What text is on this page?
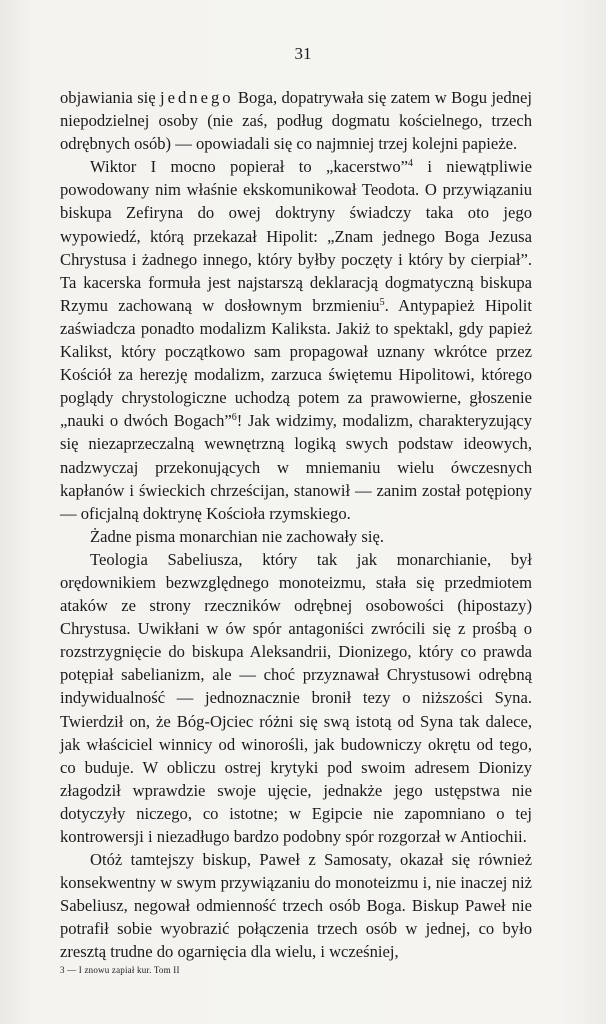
31

objawiania się jednego Boga, dopatrywała się zatem w Bogu jednej niepodzielnej osoby (nie zaś, podług dogmatu kościelnego, trzech odrębnych osób) — opowiadali się co najmniej trzej kolejni papieże.

Wiktor I mocno popierał to „kacerstwo”$^4$ i niewątpliwie powodowany nim właśnie ekskomunikował Teodota. O przywiązaniu biskupa Zefiryna do owej doktryny świadczy taka oto jego wypowiedź, którą przekazał Hipolit: „Znam jednego Boga Jezusa Chrystusa i żadnego innego, który byłby poczęty i który by cierpiał”. Ta kacerska formuła jest najstarszą deklaracją dogmatyczną biskupa Rzymu zachowaną w dosłownym brzmieniu$^5$. Antypapież Hipolit zaświadcza ponadto modalizm Kaliksta. Jakiż to spektakl, gdy papież Kalikst, który początkowo sam propagował uznany wkrótce przez Kościół za herezję modalizm, zarzuca świętemu Hipolitowi, którego poglądy chrystologiczne uchodzą potem za prawowierne, głoszenie „nauki o dwóch Bogach”$^6$! Jak widzimy, modalizm, charakteryzujący się niezaprzeczalną wewnętrzną logiką swych podstaw ideowych, nadzwyczaj przekonujących w mniemaniu wielu ówczesnych kapłanów i świeckich chrześcijan, stanowił — zanim został potępiony — oficjalną doktrynę Kościoła rzymskiego.

Żadne pisma monarchian nie zachowały się.

Teologia Sabeliusza, który tak jak monarchianie, był orędownikiem bezwzględnego monoteizmu, stała się przedmiotem ataków ze strony rzeczników odrębnej osobowości (hipostazy) Chrystusa. Uwikłani w ów spór antagoniści zwrócili się z prośbą o rozstrzygnięcie do biskupa Aleksandrii, Dionizego, który co prawda potępiał sabelianizm, ale — choć przyznawał Chrystusowi odrębną indywidualność — jednoznacznie bronił tezy o niższości Syna. Twierdził on, że Bóg-Ojciec różni się swą istotą od Syna tak dalece, jak właściciel winnicy od winorośli, jak budowniczy okrętu od tego, co buduje. W obliczu ostrej krytyki pod swoim adresem Dionizy złagodził wprawdzie swoje ujęcie, jednakże jego ustępstwa nie dotyczyły niczego, co istotne; w Egipcie nie zapomniano o tej kontrowersji i niezadługo bardzo podobny spór rozgorzał w Antiochii.

Otóż tamtejszy biskup, Paweł z Samosaty, okazał się również konsekwentny w swym przywiązaniu do monoteizmu i, nie inaczej niż Sabeliusz, negował odmienność trzech osób Boga. Biskup Paweł nie potrafił sobie wyobrazić połączenia trzech osób w jednej, co było zresztą trudne do ogarnięcia dla wielu, i wcześniej,

3 — I znowu zapiał kur. Tom II
